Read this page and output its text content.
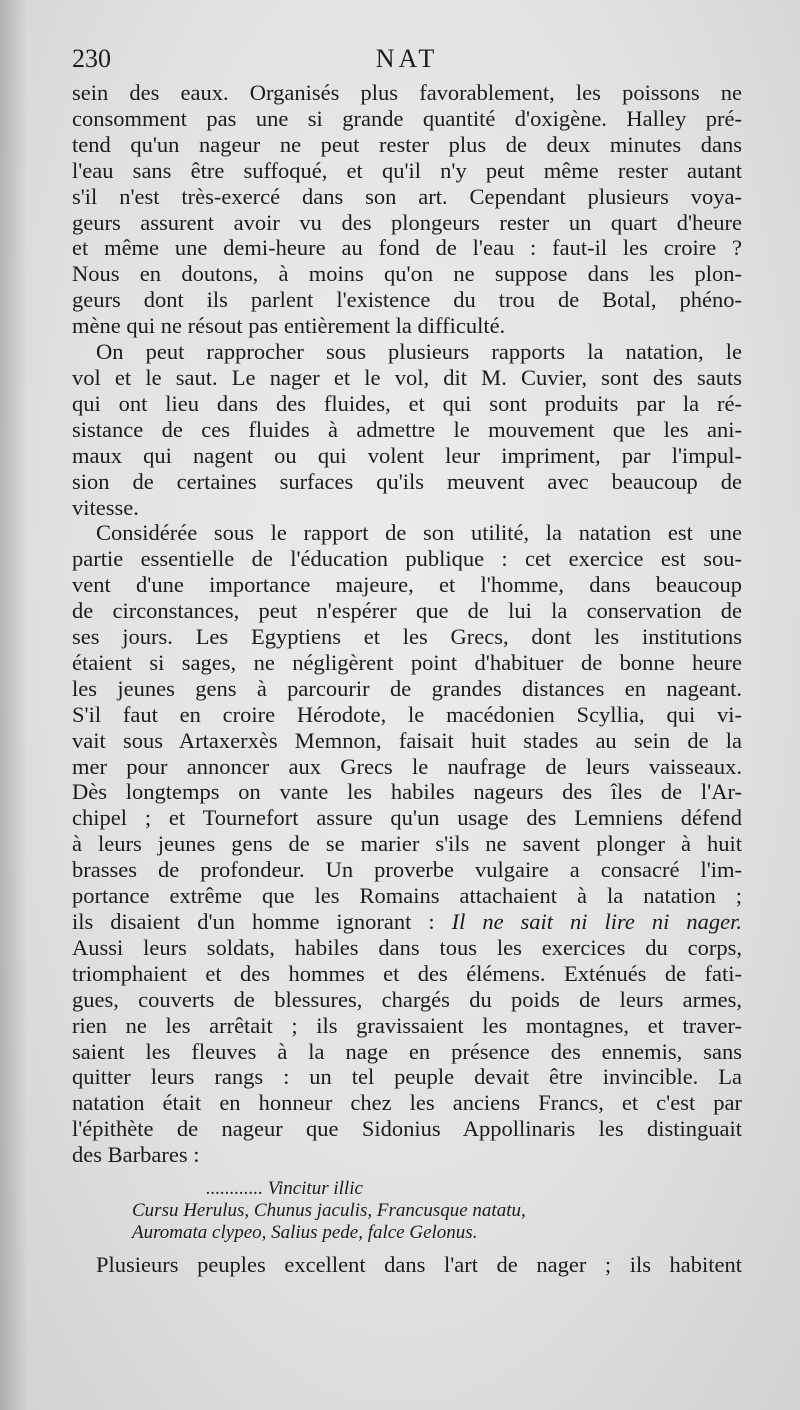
230	NAT

sein des eaux. Organisés plus favorablement, les poissons ne
consomment pas une si grande quantité d'oxigène. Halley pré-
tend qu'un nageur ne peut rester plus de deux minutes dans
l'eau sans être suffoqué, et qu'il n'y peut même rester autant
s'il n'est très-exercé dans son art. Cependant plusieurs voya-
geurs assurent avoir vu des plongeurs rester un quart d'heure
et même une demi-heure au fond de l'eau : faut-il les croire ?
Nous en doutons, à moins qu'on ne suppose dans les plon-
geurs dont ils parlent l'existence du trou de Botal, phéno-
mène qui ne résout pas entièrement la difficulté.

On peut rapprocher sous plusieurs rapports la natation, le
vol et le saut. Le nager et le vol, dit M. Cuvier, sont des sauts
qui ont lieu dans des fluides, et qui sont produits par la ré-
sistance de ces fluides à admettre le mouvement que les ani-
maux qui nagent ou qui volent leur impriment, par l'impul-
sion de certaines surfaces qu'ils meuvent avec beaucoup de
vitesse.

Considérée sous le rapport de son utilité, la natation est une
partie essentielle de l'éducation publique : cet exercice est sou-
vent d'une importance majeure, et l'homme, dans beaucoup
de circonstances, peut n'espérer que de lui la conservation de
ses jours. Les Egyptiens et les Grecs, dont les institutions
étaient si sages, ne négligèrent point d'habituer de bonne heure
les jeunes gens à parcourir de grandes distances en nageant.
S'il faut en croire Hérodote, le macédonien Scyllia, qui vi-
vait sous Artaxerxès Memnon, faisait huit stades au sein de la
mer pour annoncer aux Grecs le naufrage de leurs vaisseaux.
Dès longtemps on vante les habiles nageurs des îles de l'Ar-
chipel ; et Tournefort assure qu'un usage des Lemniens défend
à leurs jeunes gens de se marier s'ils ne savent plonger à huit
brasses de profondeur. Un proverbe vulgaire a consacré l'im-
portance extrême que les Romains attachaient à la natation ;
ils disaient d'un homme ignorant : Il ne sait ni lire ni nager.
Aussi leurs soldats, habiles dans tous les exercices du corps,
triomphaient et des hommes et des élémens. Exténués de fati-
gues, couverts de blessures, chargés du poids de leurs armes,
rien ne les arrêtait ; ils gravissaient les montagnes, et traver-
saient les fleuves à la nage en présence des ennemis, sans
quitter leurs rangs : un tel peuple devait être invincible. La
natation était en honneur chez les anciens Francs, et c'est par
l'épithète de nageur que Sidonius Appollinaris les distinguait
des Barbares :

............ Vincitur illic
Cursu Herulus, Chunus jaculis, Francusque natatu,
Auromata clypeo, Salius pede, falce Gelonus.

Plusieurs peuples excellent dans l'art de nager ; ils habitent
